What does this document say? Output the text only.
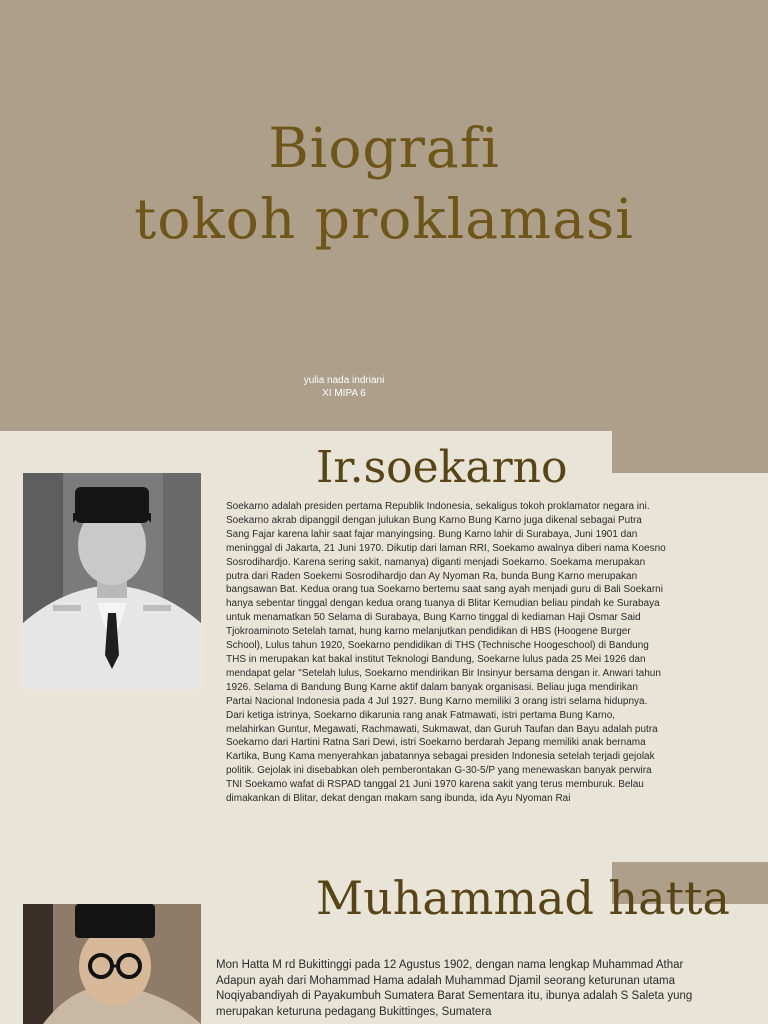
Biografi
tokoh proklamasi
yulia nada indriani
XI MIPA 6
Ir.soekarno
Soekarno adalah presiden pertama Republik Indonesia, sekaligus tokoh proklamator negara ini. Soekarno akrab dipanggil dengan julukan Bung Karno Bung Karno juga dikenal sebagai Putra Sang Fajar karena lahir saat fajar manyingsing. Bung Karno lahir di Surabaya, Juni 1901 dan meninggal di Jakarta, 21 Juni 1970. Dikutip dari laman RRI, Soekamo awalnya diberi nama Koesno Sosrodihardjo. Karena sering sakit, namanya) diganti menjadi Soekarno. Soekama merupakan putra dari Raden Soekemi Sosrodihardjo dan Ay Nyoman Ra, bunda Bung Karno merupakan bangsawan Bat. Kedua orang tua Soekarno bertemu saat sang ayah menjadi guru di Bali Soekarni hanya sebentar tinggal dengan kedua orang tuanya di Blitar Kemudian beliau pindah ke Surabaya untuk menamatkan 50 Selama di Surabaya, Bung Karno tinggal di kediaman Haji Osmar Said Tjokroaminoto Setelah tamat, hung karno melanjutkan pendidikan di HBS (Hoogene Burger School), Lulus tahun 1920, Soekarno pendidikan di THS (Technische Hoogeschool) di Bandung THS in merupakan kat bakal institut Teknologi Bandung, Soekarne lulus pada 25 Mei 1926 dan mendapat gelar "Setelah lulus, Soekarno mendirikan Bir Insinyur bersama dengan ir. Anwari tahun 1926. Selama di Bandung Bung Karne aktif dalam banyak organisasi. Beliau juga mendirikan Partai Nacional Indonesia pada 4 Jul 1927. Bung Karno memiliki 3 orang istri selama hidupnya. Dari ketiga istrinya, Soekarno dikarunia rang anak Fatmawati, istri pertama Bung Karno, melahirkan Guntur, Megawati, Rachmawati, Sukmawat, dan Guruh Taufan dan Bayu adalah putra Soekarno dari Hartini Ratna Sari Dewi, istri Soekarno berdarah Jepang memiliki anak bernama Kartika, Bung Kama menyerahkan jabatannya sebagai presiden Indonesia setelah terjadi gejolak politik. Gejolak ini disebabkan oleh pemberontakan G-30-5/P yang menewaskan banyak perwira TNI Soekamo wafat di RSPAD tanggal 21 Juni 1970 karena sakit yang terus memburuk. Belau dimakankan di Blitar, dekat dengan makam sang ibunda, ida Ayu Nyoman Rai
Muhammad hatta
Mon Hatta M rd Bukittinggi pada 12 Agustus 1902, dengan nama lengkap Muhammad Athar Adapun ayah dari Mohammad Hama adalah Muhammad Djamil seorang keturunan utama Noqiyabandiyah di Payakumbuh Sumatera Barat Sementara itu, ibunya adalah S Saleta yung merupakan keturuna pedagang Bukittinges, Sumatera
